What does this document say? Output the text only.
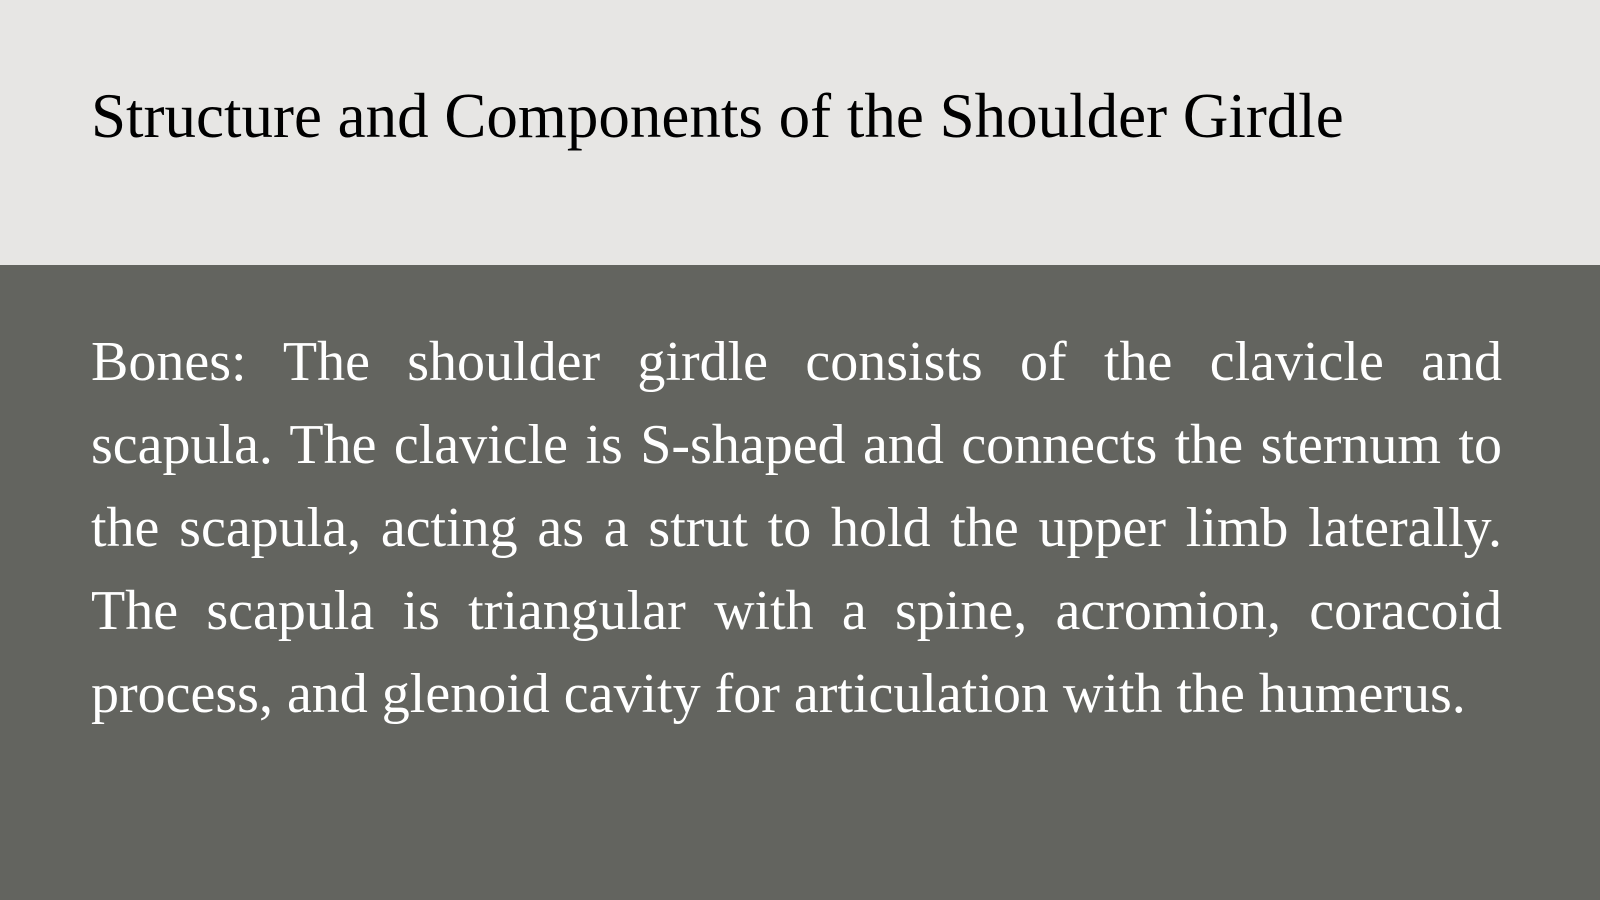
Structure and Components of the Shoulder Girdle

Bones: The shoulder girdle consists of the clavicle and scapula. The clavicle is S-shaped and connects the sternum to the scapula, acting as a strut to hold the upper limb laterally. The scapula is triangular with a spine, acromion, coracoid process, and glenoid cavity for articulation with the humerus.
